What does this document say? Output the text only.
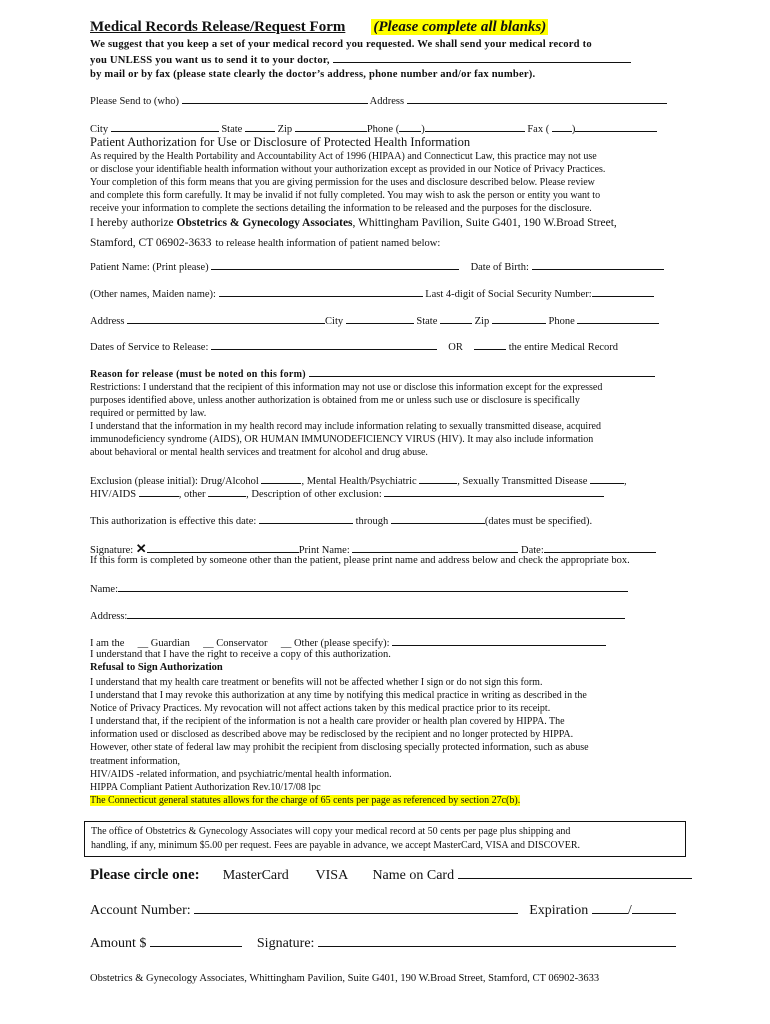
Medical Records Release/Request Form (Please complete all blanks)
We suggest that you keep a set of your medical record you requested. We shall send your medical record to
you UNLESS you want us to send it to your doctor,
by mail or by fax (please state clearly the doctor’s address, phone number and/or fax number).
Please Send to (who)	Address
City	State	Zip	Phone ( )	Fax ( )
Patient Authorization for Use or Disclosure of Protected Health Information
As required by the Health Portability and Accountability Act of 1996 (HIPAA) and Connecticut Law, this practice may not use
or disclose your identifiable health information without your authorization except as provided in our Notice of Privacy Practices.
Your completion of this form means that you are giving permission for the uses and disclosure described below. Please review
and complete this form carefully. It may be invalid if not fully completed. You may wish to ask the person or entity you want to
receive your information to complete the sections detailing the information to be released and the purposes for the disclosure.
I hereby authorize Obstetrics & Gynecology Associates, Whittingham Pavilion, Suite G401, 190 W.Broad Street,
Stamford, CT 06902-3633 to release health information of patient named below:
Patient Name: (Print please)	Date of Birth:
(Other names, Maiden name):	Last 4-digit of Social Security Number:
Address	City	State	Zip	Phone
Dates of Service to Release:	OR	the entire Medical Record
Reason for release (must be noted on this form)
Restrictions: I understand that the recipient of this information may not use or disclose this information except for the expressed
purposes identified above, unless another authorization is obtained from me or unless such use or disclosure is specifically
required or permitted by law.
I understand that the information in my health record may include information relating to sexually transmitted disease, acquired
immunodeficiency syndrome (AIDS), OR HUMAN IMMUNODEFICIENCY VIRUS (HIV). It may also include information
about behavioral or mental health services and treatment for alcohol and drug abuse.
Exclusion (please initial): Drug/Alcohol	, Mental Health/Psychiatric	, Sexually Transmitted Disease	,
HIV/AIDS	, other	, Description of other exclusion:
This authorization is effective this date:	through	(dates must be specified).
Signature: ✕	Print Name:	Date:
If this form is completed by someone other than the patient, please print name and address below and check the appropriate box.
Name:
Address:
I am the __ Guardian __ Conservator __ Other (please specify):
I understand that I have the right to receive a copy of this authorization.
Refusal to Sign Authorization
I understand that my health care treatment or benefits will not be affected whether I sign or do not sign this form.
I understand that I may revoke this authorization at any time by notifying this medical practice in writing as described in the
Notice of Privacy Practices. My revocation will not affect actions taken by this medical practice prior to its receipt.
I understand that, if the recipient of the information is not a health care provider or health plan covered by HIPPA. The
information used or disclosed as described above may be redisclosed by the recipient and no longer protected by HIPPA.
However, other state of federal law may prohibit the recipient from disclosing specially protected information, such as abuse
treatment information,
HIV/AIDS -related information, and psychiatric/mental health information.
HIPPA Compliant Patient Authorization Rev.10/17/08 lpc
The Connecticut general statutes allows for the charge of 65 cents per page as referenced by section 27c(b).
The office of Obstetrics & Gynecology Associates will copy your medical record at 50 cents per page plus shipping and
handling, if any, minimum $5.00 per request. Fees are payable in advance, we accept MasterCard, VISA and DISCOVER.
Please circle one: MasterCard VISA Name on Card
Account Number:	Expiration	/
Amount $	Signature:
Obstetrics & Gynecology Associates, Whittingham Pavilion, Suite G401, 190 W.Broad Street, Stamford, CT 06902-3633
